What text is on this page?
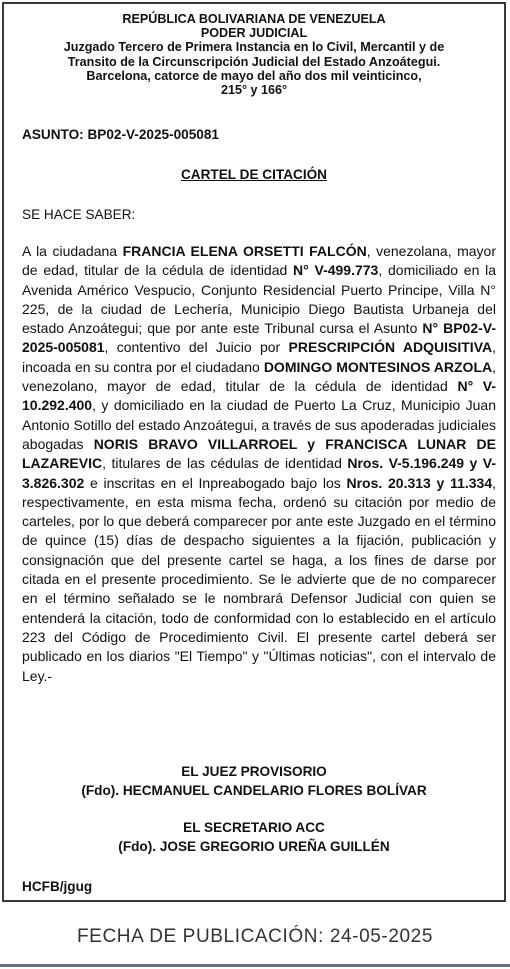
REPÚBLICA BOLIVARIANA DE VENEZUELA
PODER JUDICIAL
Juzgado Tercero de Primera Instancia en lo Civil, Mercantil y de
Transito de la Circunscripción Judicial del Estado Anzoátegui.
Barcelona, catorce de mayo del año dos mil veinticinco,
215° y 166°
ASUNTO: BP02-V-2025-005081
CARTEL DE CITACIÓN
SE HACE SABER:
A la ciudadana FRANCIA ELENA ORSETTI FALCÓN, venezolana, mayor de edad, titular de la cédula de identidad N° V-499.773, domiciliado en la Avenida Américo Vespucio, Conjunto Residencial Puerto Principe, Villa N° 225, de la ciudad de Lechería, Municipio Diego Bautista Urbaneja del estado Anzoátegui; que por ante este Tribunal cursa el Asunto N° BP02-V-2025-005081, contentivo del Juicio por PRESCRIPCIÓN ADQUISITIVA, incoada en su contra por el ciudadano DOMINGO MONTESINOS ARZOLA, venezolano, mayor de edad, titular de la cédula de identidad N° V- 10.292.400, y domiciliado en la ciudad de Puerto La Cruz, Municipio Juan Antonio Sotillo del estado Anzoátegui, a través de sus apoderadas judiciales abogadas NORIS BRAVO VILLARROEL y FRANCISCA LUNAR DE LAZAREVIC, titulares de las cédulas de identidad Nros. V-5.196.249 y V-3.826.302 e inscritas en el Inpreabogado bajo los Nros. 20.313 y 11.334, respectivamente, en esta misma fecha, ordenó su citación por medio de carteles, por lo que deberá comparecer por ante este Juzgado en el término de quince (15) días de despacho siguientes a la fijación, publicación y consignación que del presente cartel se haga, a los fines de darse por citada en el presente procedimiento. Se le advierte que de no comparecer en el término señalado se le nombrará Defensor Judicial con quien se entenderá la citación, todo de conformidad con lo establecido en el artículo 223 del Código de Procedimiento Civil. El presente cartel deberá ser publicado en los diarios "El Tiempo" y "Últimas noticias", con el intervalo de Ley.-
EL JUEZ PROVISORIO
(Fdo). HECMANUEL CANDELARIO FLORES BOLÍVAR
EL SECRETARIO ACC
(Fdo). JOSE GREGORIO UREÑA GUILLÉN
HCFB/jgug
FECHA DE PUBLICACIÓN: 24-05-2025
